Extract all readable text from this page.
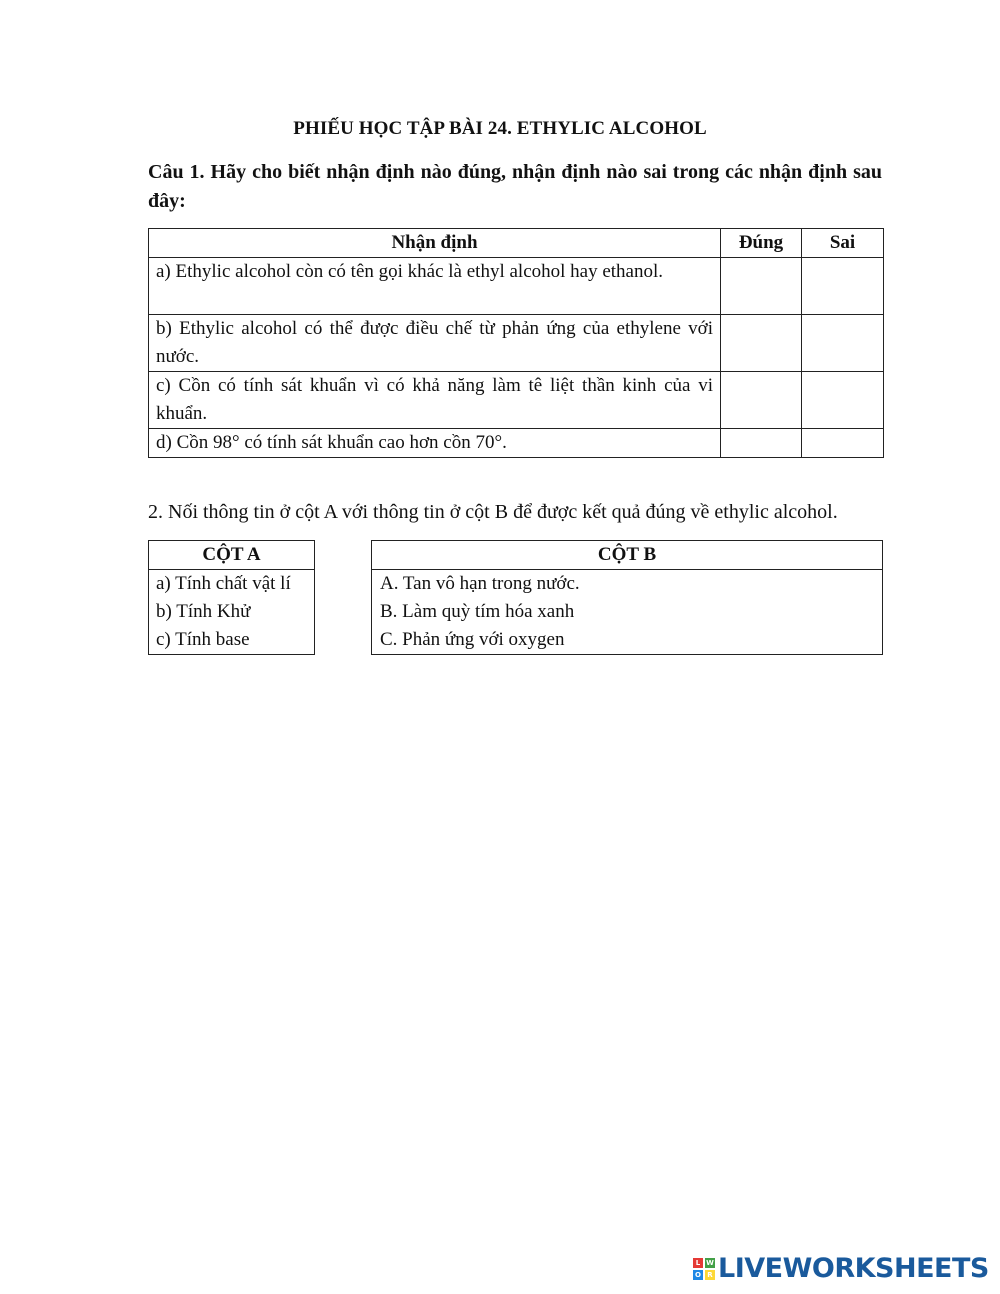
PHIẾU HỌC TẬP BÀI 24. ETHYLIC ALCOHOL
Câu 1. Hãy cho biết nhận định nào đúng, nhận định nào sai trong các nhận định sau đây:
Nhận định	Đúng	Sai
a) Ethylic alcohol còn có tên gọi khác là ethyl alcohol hay ethanol.		
b) Ethylic alcohol có thể được điều chế từ phản ứng của ethylene với nước.		
c) Cồn có tính sát khuẩn vì có khả năng làm tê liệt thần kinh của vi khuẩn.		
d) Cồn 98° có tính sát khuẩn cao hơn cồn 70°.		
2. Nối thông tin ở cột A với thông tin ở cột B để được kết quả đúng về ethylic alcohol.
CỘT A

a) Tính chất vật lí
b) Tính Khử
c) Tính base
CỘT B

A. Tan vô hạn trong nước.
B. Làm quỳ tím hóa xanh
C. Phản ứng với oxygen
L W
O R LIVEWORKSHEETS
